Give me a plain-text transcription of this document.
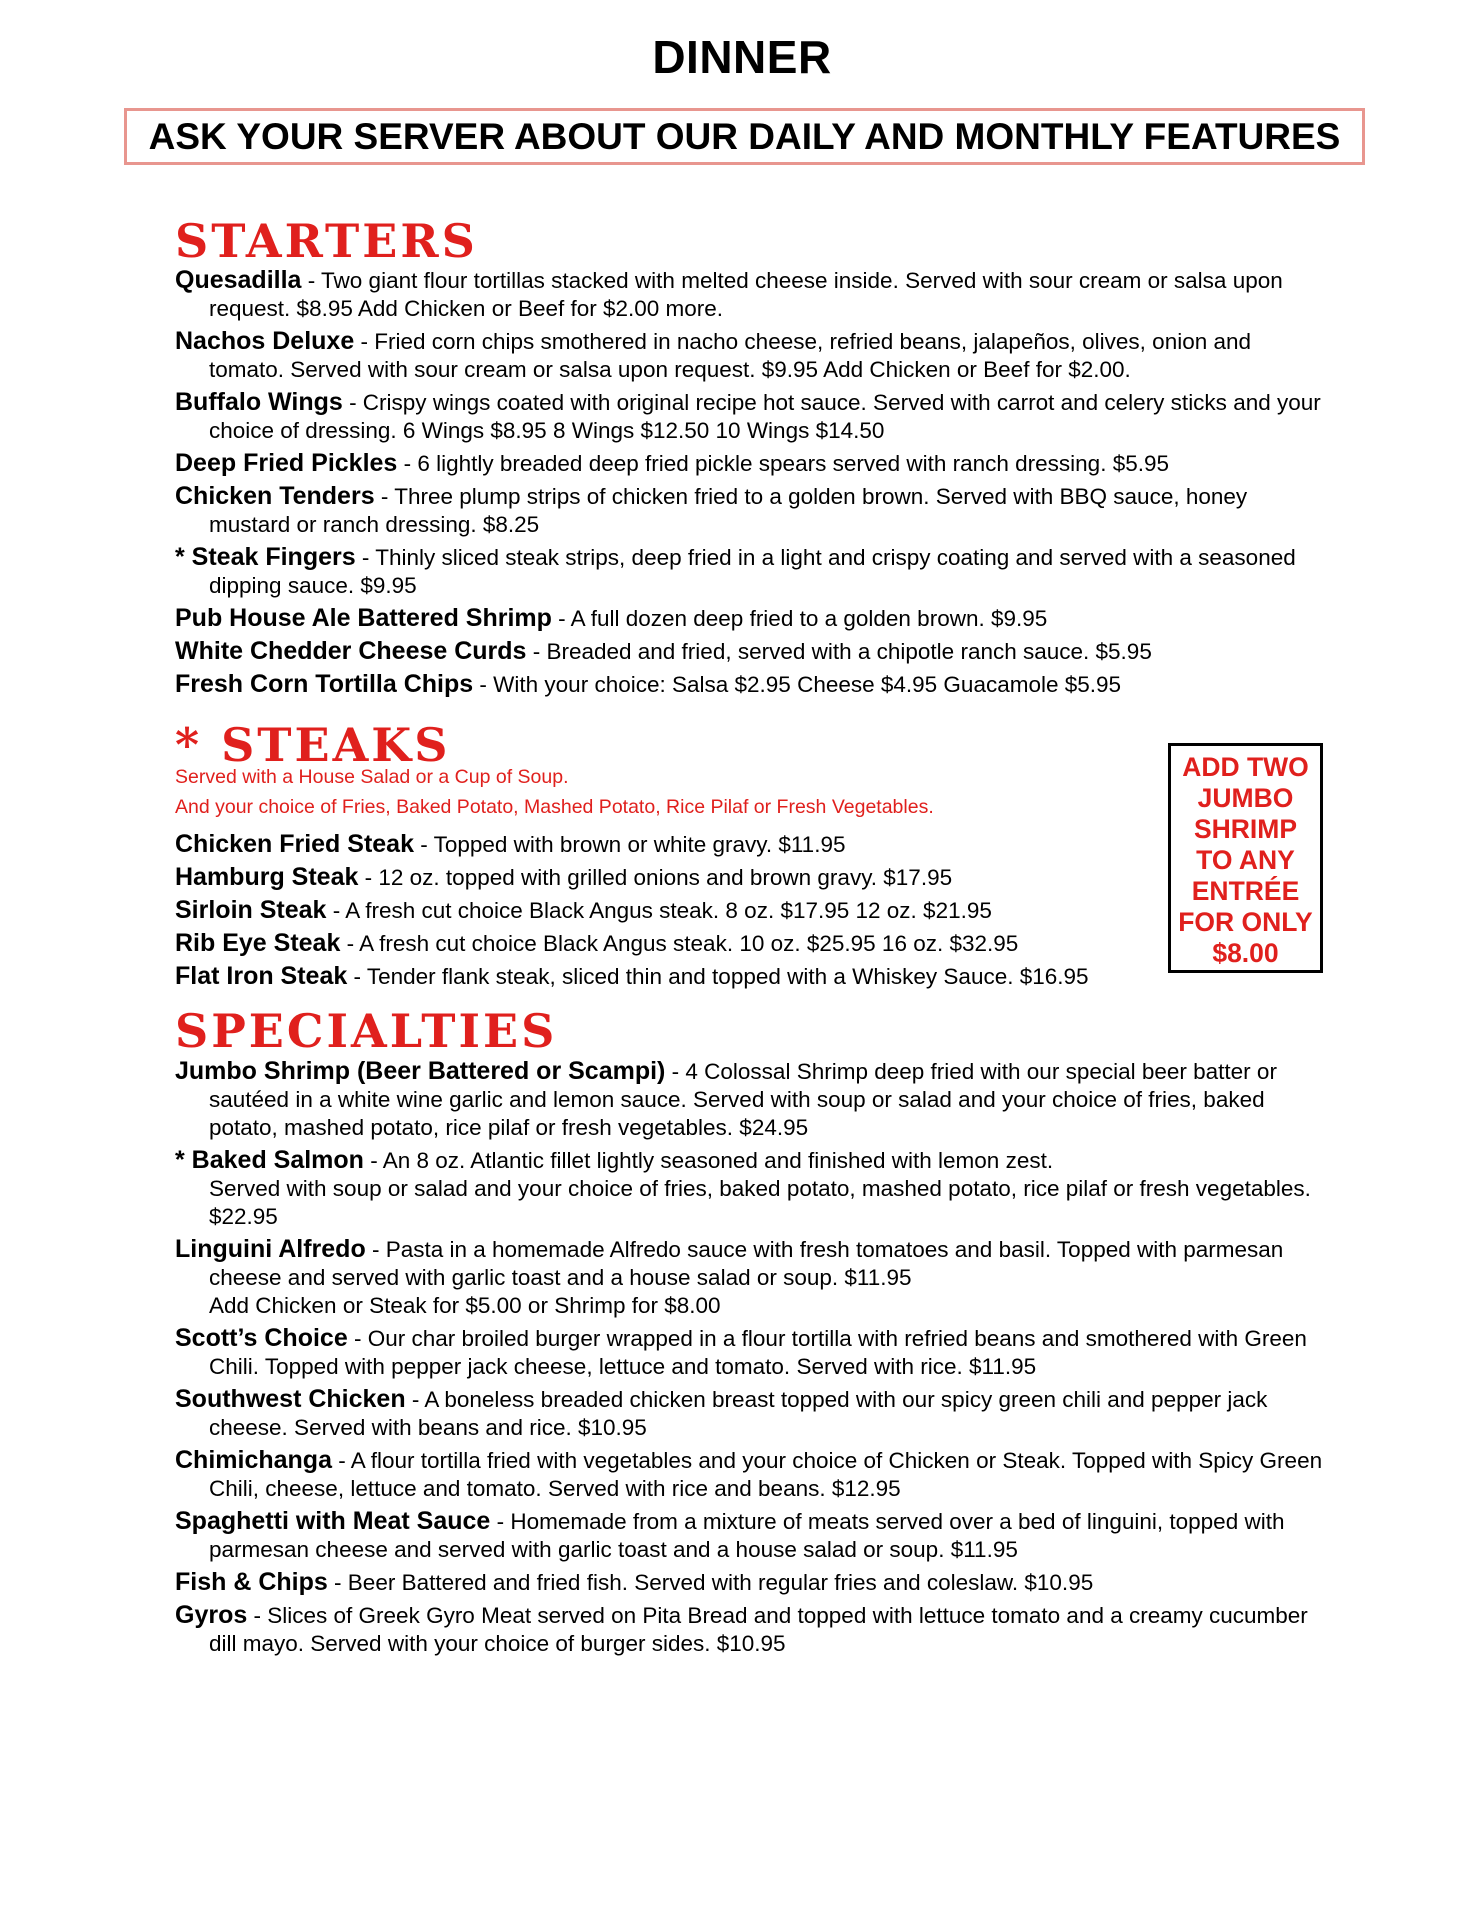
DINNER
ASK YOUR SERVER ABOUT OUR DAILY AND MONTHLY FEATURES
STARTERS
Quesadilla - Two giant flour tortillas stacked with melted cheese inside. Served with sour cream or salsa upon request. $8.95 Add Chicken or Beef for $2.00 more.
Nachos Deluxe - Fried corn chips smothered in nacho cheese, refried beans, jalapeños, olives, onion and tomato. Served with sour cream or salsa upon request. $9.95 Add Chicken or Beef for $2.00.
Buffalo Wings - Crispy wings coated with original recipe hot sauce. Served with carrot and celery sticks and your choice of dressing. 6 Wings $8.95 8 Wings $12.50 10 Wings $14.50
Deep Fried Pickles - 6 lightly breaded deep fried pickle spears served with ranch dressing. $5.95
Chicken Tenders - Three plump strips of chicken fried to a golden brown. Served with BBQ sauce, honey mustard or ranch dressing. $8.25
* Steak Fingers - Thinly sliced steak strips, deep fried in a light and crispy coating and served with a seasoned dipping sauce. $9.95
Pub House Ale Battered Shrimp - A full dozen deep fried to a golden brown. $9.95
White Chedder Cheese Curds - Breaded and fried, served with a chipotle ranch sauce. $5.95
Fresh Corn Tortilla Chips - With your choice: Salsa $2.95 Cheese $4.95 Guacamole $5.95
* STEAKS
Served with a House Salad or a Cup of Soup.
And your choice of Fries, Baked Potato, Mashed Potato, Rice Pilaf or Fresh Vegetables.
Chicken Fried Steak - Topped with brown or white gravy. $11.95
Hamburg Steak - 12 oz. topped with grilled onions and brown gravy. $17.95
Sirloin Steak - A fresh cut choice Black Angus steak. 8 oz. $17.95 12 oz. $21.95
Rib Eye Steak - A fresh cut choice Black Angus steak. 10 oz. $25.95 16 oz. $32.95
Flat Iron Steak - Tender flank steak, sliced thin and topped with a Whiskey Sauce. $16.95
ADD TWO
JUMBO
SHRIMP
TO ANY
ENTRÉE
FOR ONLY
$8.00
SPECIALTIES
Jumbo Shrimp (Beer Battered or Scampi) - 4 Colossal Shrimp deep fried with our special beer batter or sautéed in a white wine garlic and lemon sauce. Served with soup or salad and your choice of fries, baked potato, mashed potato, rice pilaf or fresh vegetables. $24.95
* Baked Salmon - An 8 oz. Atlantic fillet lightly seasoned and finished with lemon zest.
Served with soup or salad and your choice of fries, baked potato, mashed potato, rice pilaf or fresh vegetables. $22.95
Linguini Alfredo - Pasta in a homemade Alfredo sauce with fresh tomatoes and basil. Topped with parmesan cheese and served with garlic toast and a house salad or soup. $11.95
Add Chicken or Steak for $5.00 or Shrimp for $8.00
Scott’s Choice - Our char broiled burger wrapped in a flour tortilla with refried beans and smothered with Green Chili. Topped with pepper jack cheese, lettuce and tomato. Served with rice. $11.95
Southwest Chicken - A boneless breaded chicken breast topped with our spicy green chili and pepper jack cheese. Served with beans and rice. $10.95
Chimichanga - A flour tortilla fried with vegetables and your choice of Chicken or Steak. Topped with Spicy Green Chili, cheese, lettuce and tomato. Served with rice and beans. $12.95
Spaghetti with Meat Sauce - Homemade from a mixture of meats served over a bed of linguini, topped with parmesan cheese and served with garlic toast and a house salad or soup. $11.95
Fish & Chips - Beer Battered and fried fish. Served with regular fries and coleslaw. $10.95
Gyros - Slices of Greek Gyro Meat served on Pita Bread and topped with lettuce tomato and a creamy cucumber dill mayo. Served with your choice of burger sides. $10.95
